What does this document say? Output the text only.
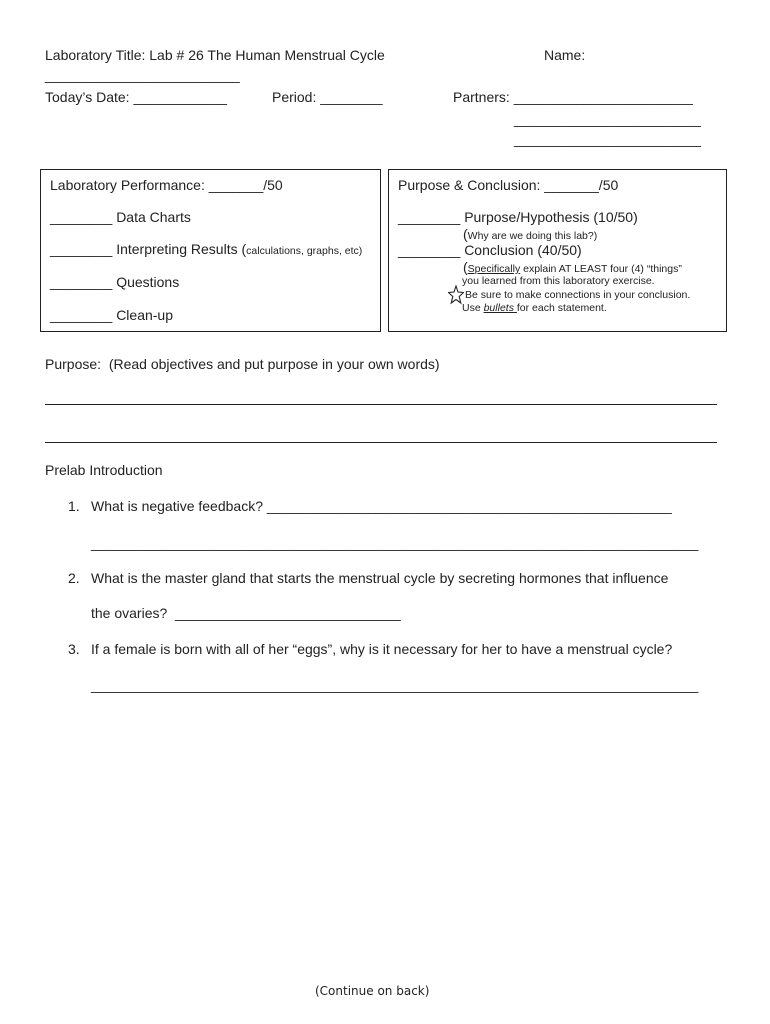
Laboratory Title: Lab # 26 The Human Menstrual Cycle	Name:
_________________________
Today’s Date: ____________	Period: ________	Partners: _______________________
________________________
________________________
Laboratory Performance: _______/50
________ Data Charts
________ Interpreting Results (calculations, graphs, etc)
________ Questions
________ Clean-up
Purpose & Conclusion: _______/50
________ Purpose/Hypothesis (10/50)
(Why are we doing this lab?)
________ Conclusion (40/50)
(Specifically explain AT LEAST four (4) “things”
you learned from this laboratory exercise.
Be sure to make connections in your conclusion.
Use bullets for each statement.
Purpose:  (Read objectives and put purpose in your own words)
Prelab Introduction
1. What is negative feedback? ____________________________________________________
______________________________________________________________________________
2. What is the master gland that starts the menstrual cycle by secreting hormones that influence
the ovaries?  _____________________________
3. If a female is born with all of her “eggs”, why is it necessary for her to have a menstrual cycle?
______________________________________________________________________________
(Continue on back)
